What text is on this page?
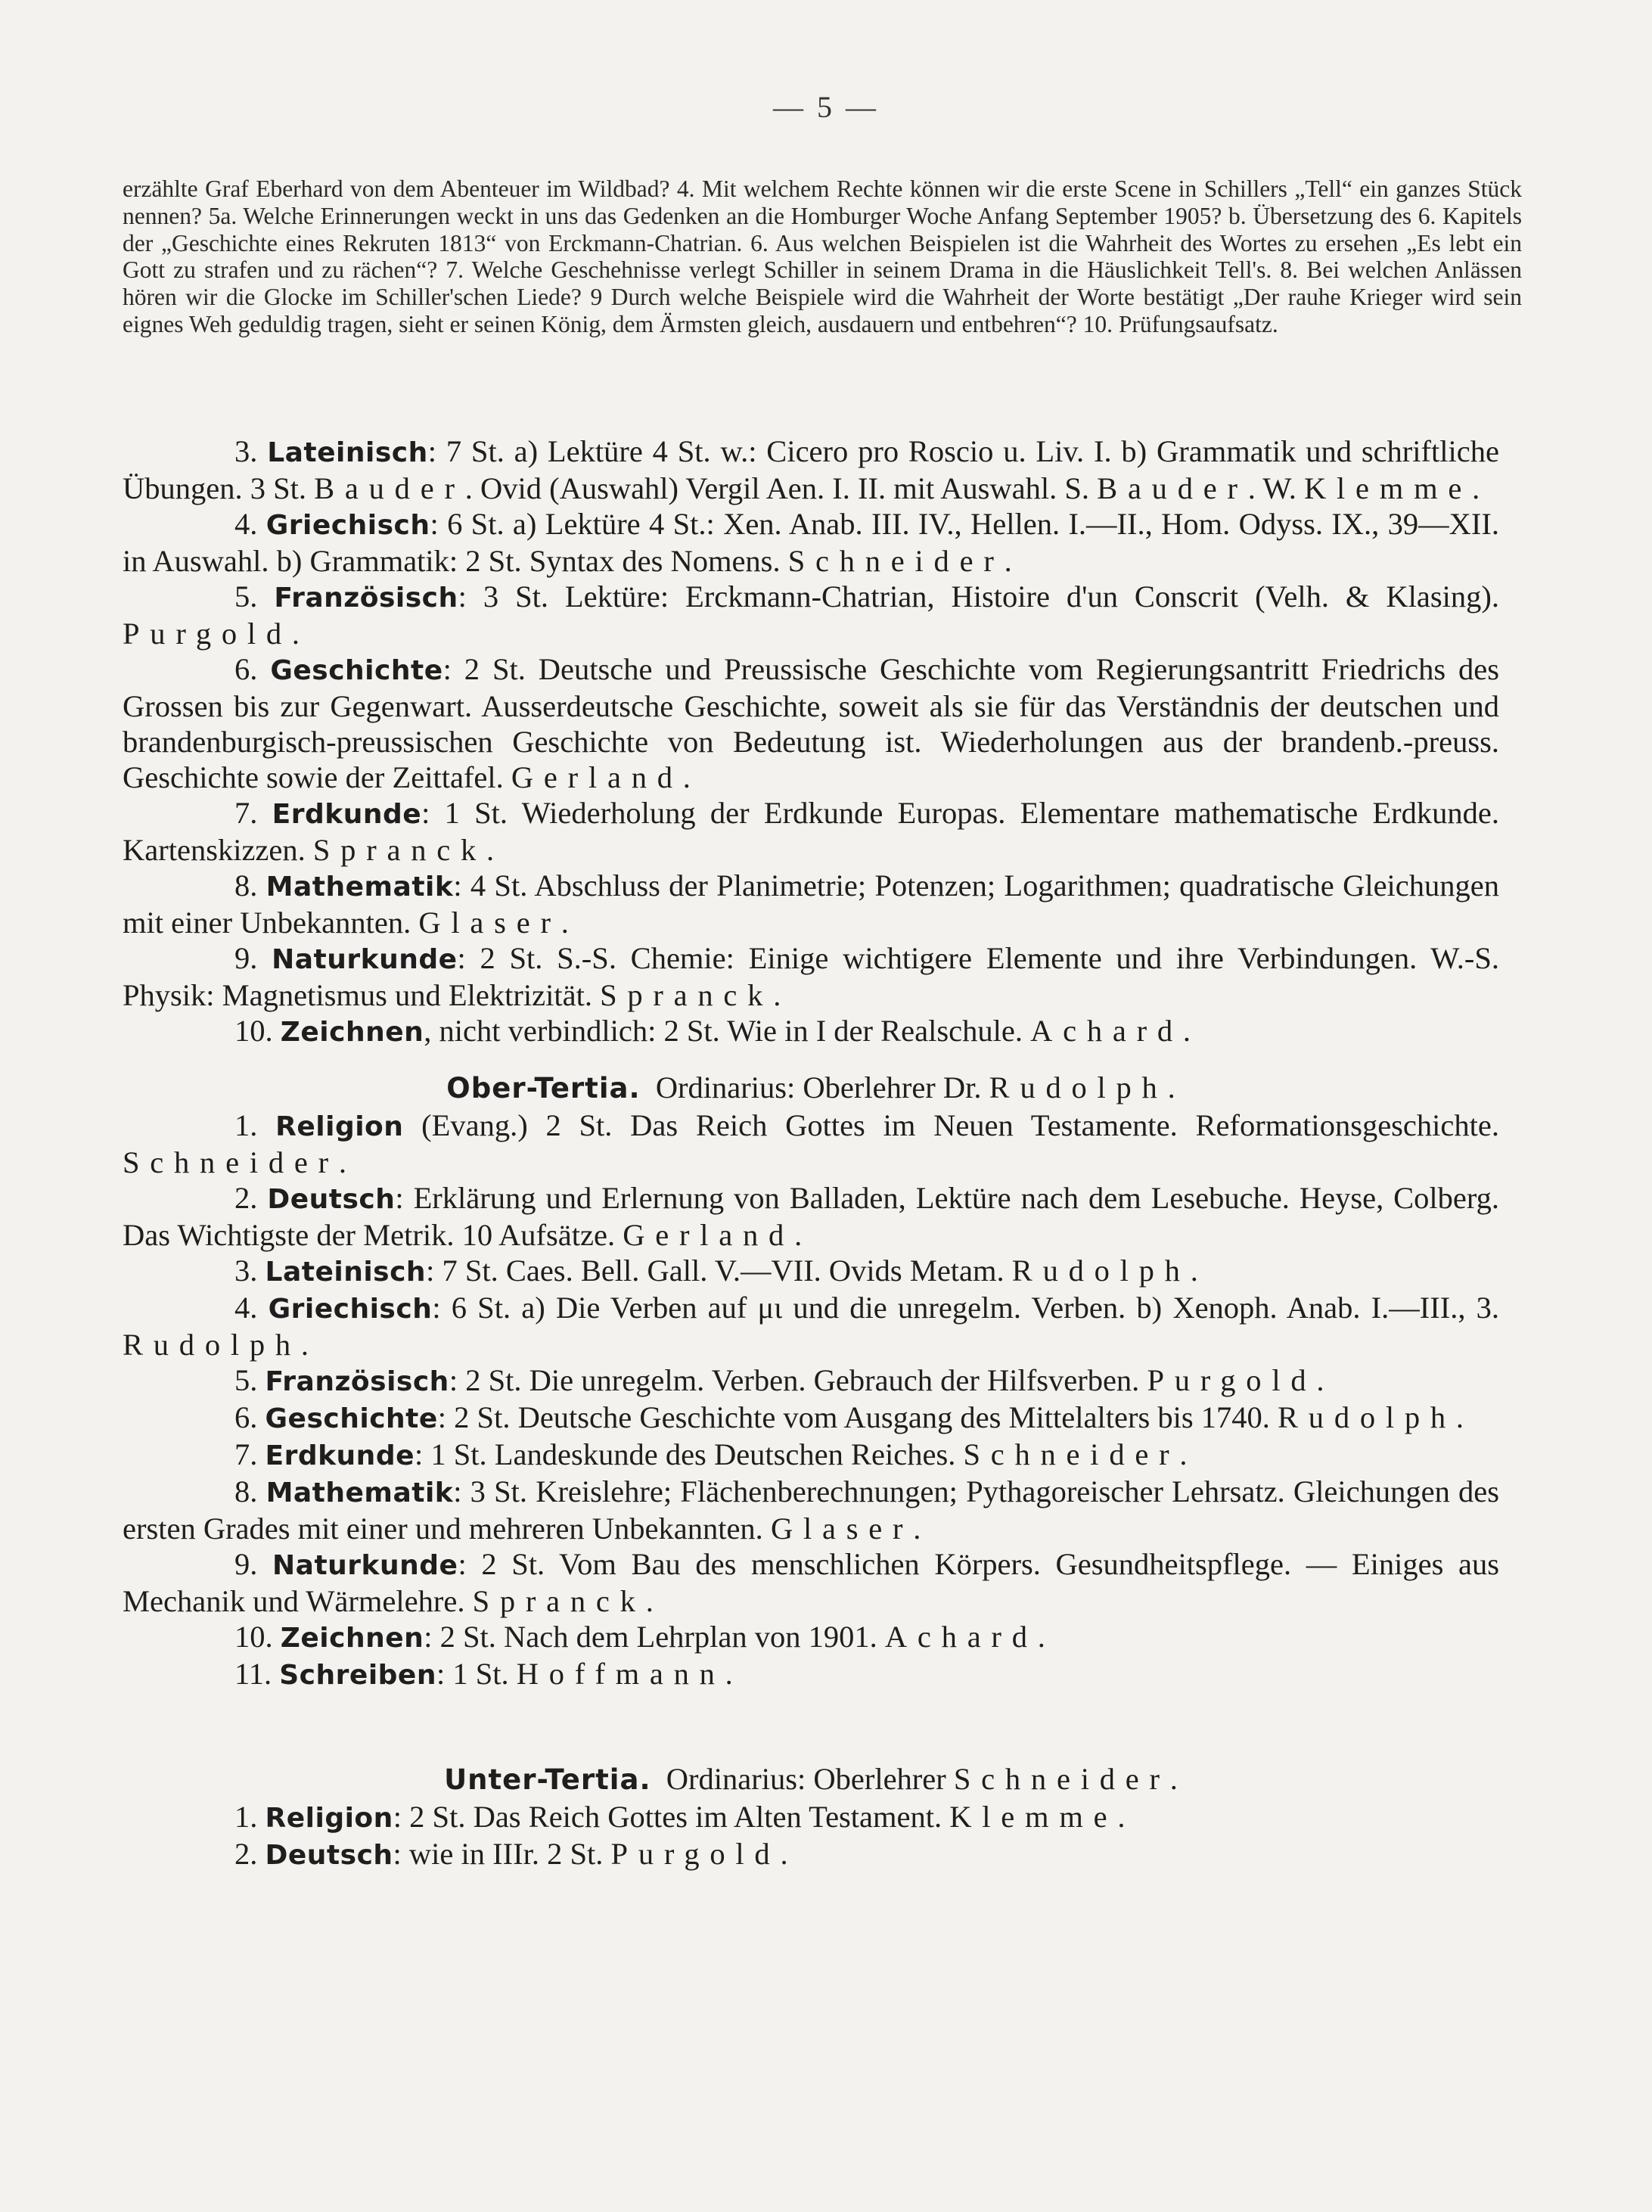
— 5 —
erzählte Graf Eberhard von dem Abenteuer im Wildbad? 4. Mit welchem Rechte können wir die erste Scene in Schillers „Tell“ ein ganzes Stück nennen? 5a. Welche Erinnerungen weckt in uns das Gedenken an die Homburger Woche Anfang September 1905? b. Übersetzung des 6. Kapitels der „Geschichte eines Rekruten 1813“ von Erckmann-Chatrian. 6. Aus welchen Beispielen ist die Wahrheit des Wortes zu ersehen „Es lebt ein Gott zu strafen und zu rächen“? 7. Welche Geschehnisse verlegt Schiller in seinem Drama in die Häuslichkeit Tell's. 8. Bei welchen Anlässen hören wir die Glocke im Schiller'schen Liede? 9 Durch welche Beispiele wird die Wahrheit der Worte bestätigt „Der rauhe Krieger wird sein eignes Weh geduldig tragen, sieht er seinen König, dem Ärmsten gleich, ausdauern und entbehren“? 10. Prüfungsaufsatz.

3. Lateinisch: 7 St. a) Lektüre 4 St. w.: Cicero pro Roscio u. Liv. I. b) Grammatik und schriftliche Übungen. 3 St. Bauder. Ovid (Auswahl) Vergil Aen. I. II. mit Auswahl. S. Bauder. W. Klemme.

4. Griechisch: 6 St. a) Lektüre 4 St.: Xen. Anab. III. IV., Hellen. I.—II., Hom. Odyss. IX., 39—XII. in Auswahl. b) Grammatik: 2 St. Syntax des Nomens. Schneider.

5. Französisch: 3 St. Lektüre: Erckmann-Chatrian, Histoire d'un Conscrit (Velh. & Klasing). Purgold.

6. Geschichte: 2 St. Deutsche und Preussische Geschichte vom Regierungsantritt Friedrichs des Grossen bis zur Gegenwart. Ausserdeutsche Geschichte, soweit als sie für das Verständnis der deutschen und brandenburgisch-preussischen Geschichte von Bedeutung ist. Wiederholungen aus der brandenb.-preuss. Geschichte sowie der Zeittafel. Gerland.

7. Erdkunde: 1 St. Wiederholung der Erdkunde Europas. Elementare mathematische Erdkunde. Kartenskizzen. Spranck.

8. Mathematik: 4 St. Abschluss der Planimetrie; Potenzen; Logarithmen; quadratische Gleichungen mit einer Unbekannten. Glaser.

9. Naturkunde: 2 St. S.-S. Chemie: Einige wichtigere Elemente und ihre Verbindungen. W.-S. Physik: Magnetismus und Elektrizität. Spranck.

10. Zeichnen, nicht verbindlich: 2 St. Wie in I der Realschule. Achard.

Ober-Tertia. Ordinarius: Oberlehrer Dr. Rudolph.

1. Religion (Evang.) 2 St. Das Reich Gottes im Neuen Testamente. Reformationsgeschichte. Schneider.

2. Deutsch: Erklärung und Erlernung von Balladen, Lektüre nach dem Lesebuche. Heyse, Colberg. Das Wichtigste der Metrik. 10 Aufsätze. Gerland.

3. Lateinisch: 7 St. Caes. Bell. Gall. V.—VII. Ovids Metam. Rudolph.

4. Griechisch: 6 St. a) Die Verben auf μι und die unregelm. Verben. b) Xenoph. Anab. I.—III., 3. Rudolph.

5. Französisch: 2 St. Die unregelm. Verben. Gebrauch der Hilfsverben. Purgold.

6. Geschichte: 2 St. Deutsche Geschichte vom Ausgang des Mittelalters bis 1740. Rudolph.

7. Erdkunde: 1 St. Landeskunde des Deutschen Reiches. Schneider.

8. Mathematik: 3 St. Kreislehre; Flächenberechnungen; Pythagoreischer Lehrsatz. Gleichungen des ersten Grades mit einer und mehreren Unbekannten. Glaser.

9. Naturkunde: 2 St. Vom Bau des menschlichen Körpers. Gesundheitspflege. — Einiges aus Mechanik und Wärmelehre. Spranck.

10. Zeichnen: 2 St. Nach dem Lehrplan von 1901. Achard.

11. Schreiben: 1 St. Hoffmann.

Unter-Tertia. Ordinarius: Oberlehrer Schneider.

1. Religion: 2 St. Das Reich Gottes im Alten Testament. Klemme.

2. Deutsch: wie in IIIr. 2 St. Purgold.
